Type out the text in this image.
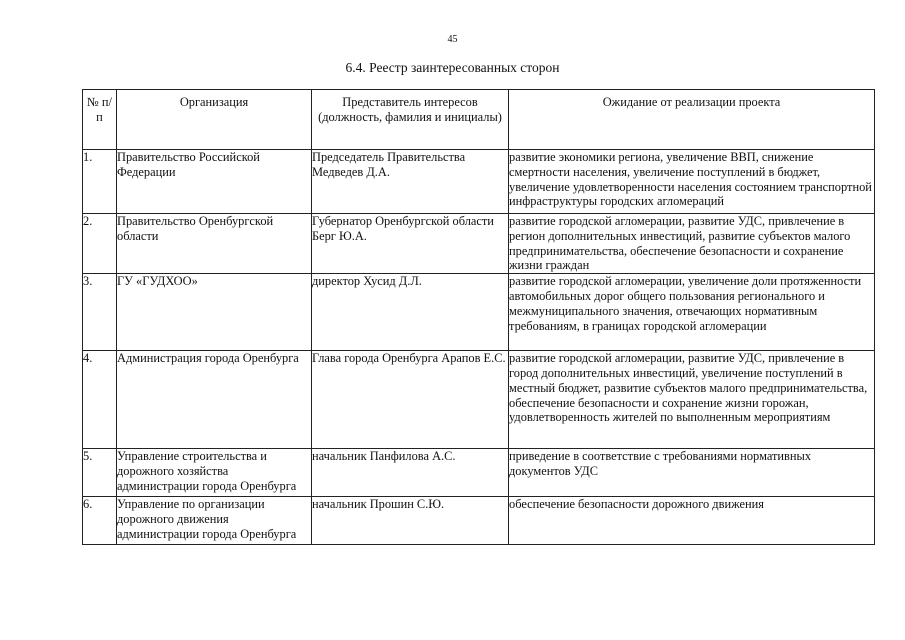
45
6.4. Реестр заинтересованных сторон
№ п/п	Организация	Представитель интересов (должность, фамилия и инициалы)	Ожидание от реализации проекта
1.	Правительство Российской Федерации	Председатель Правительства Медведев Д.А.	развитие экономики региона, увеличение ВВП, снижение смертности населения, увеличение поступлений в бюджет, увеличение удовлетворенности населения состоянием транспортной инфраструктуры городских агломераций
2.	Правительство Оренбургской области	Губернатор Оренбургской области Берг Ю.А.	развитие городской агломерации, развитие УДС, привлечение в регион дополнительных инвестиций, развитие субъектов малого предпринимательства, обеспечение безопасности и сохранение жизни граждан
3.	ГУ «ГУДХОО»	директор Хусид Д.Л.	развитие городской агломерации, увеличение доли протяженности автомобильных дорог общего пользования регионального и межмуниципального значения, отвечающих нормативным требованиям, в границах городской агломерации
4.	Администрация города Оренбурга	Глава города Оренбурга Арапов Е.С.	развитие городской агломерации, развитие УДС, привлечение в город дополнительных инвестиций, увеличение поступлений в местный бюджет, развитие субъектов малого предпринимательства, обеспечение безопасности и сохранение жизни горожан, удовлетворенность жителей по выполненным мероприятиям
5.	Управление строительства и дорожного хозяйства администрации города Оренбурга	начальник Панфилова А.С.	приведение в соответствие с требованиями нормативных документов УДС
6.	Управление по организации дорожного движения администрации города Оренбурга	начальник Прошин С.Ю.	обеспечение безопасности дорожного движения
